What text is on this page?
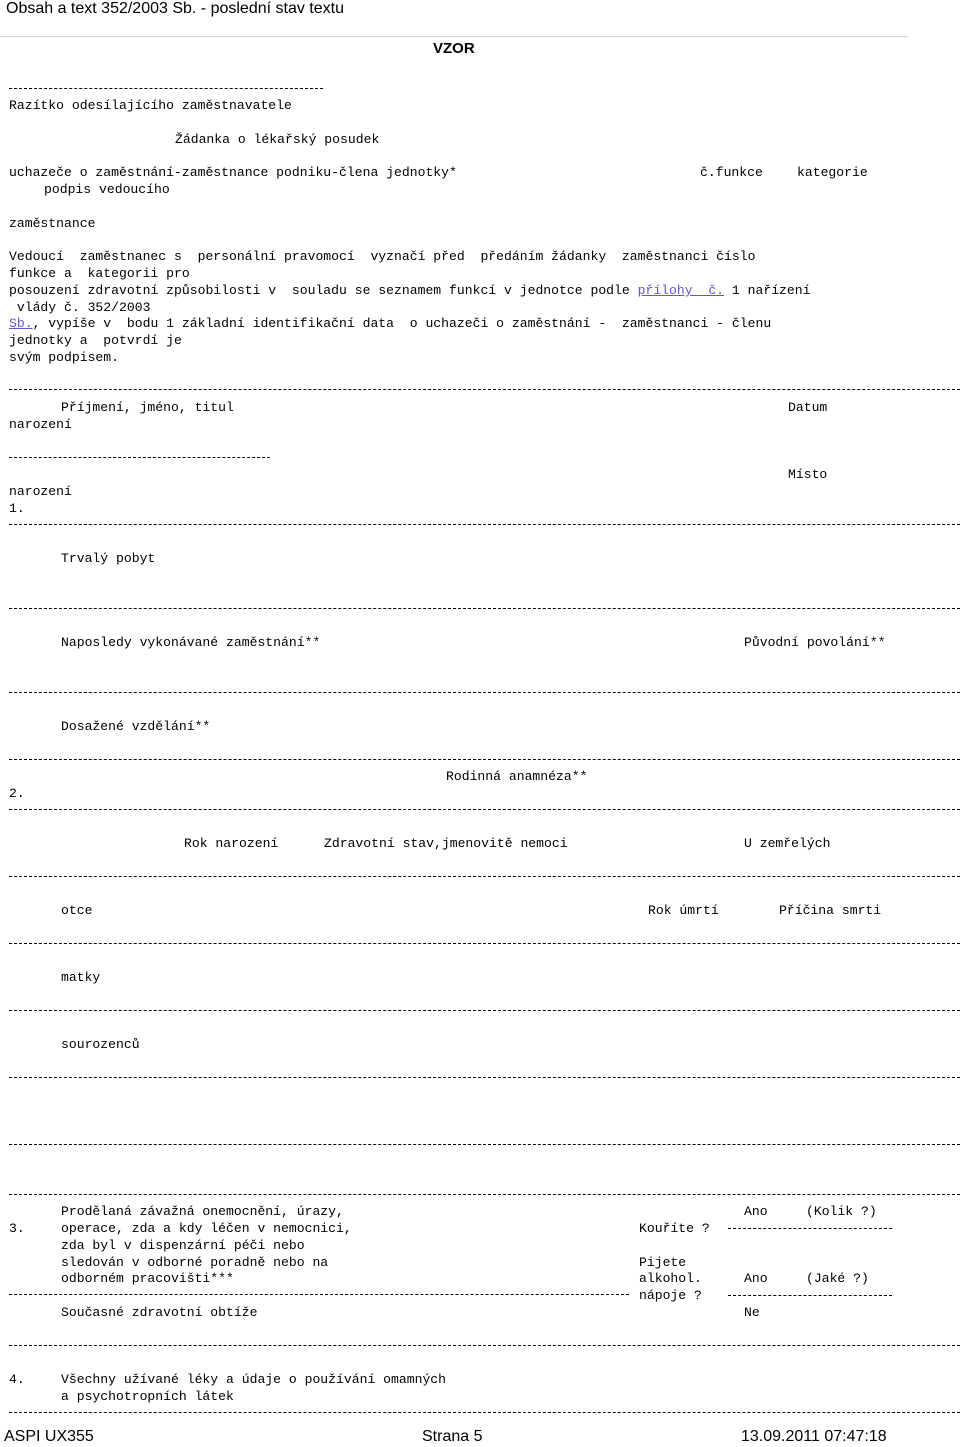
Obsah a text 352/2003 Sb. - poslední stav textu
VZOR
Razítko odesílajícího zaměstnavatele
Žádanka o lékařský posudek
uchazeče o zaměstnání-zaměstnance podniku-člena jednotky*	č.funkce	kategorie
podpis vedoucího
zaměstnance
Vedoucí  zaměstnanec s  personální pravomocí  vyznačí před  předáním žádanky  zaměstnanci číslo
funkce a  kategorii pro
posouzení zdravotní způsobilosti v  souladu se seznamem funkcí v jednotce podle přílohy  č. 1 nařízení
vlády č. 352/2003
Sb., vypíše v  bodu 1 základní identifikační data  o uchazeči o zaměstnání -  zaměstnanci - členu
jednotky a  potvrdí je
svým podpisem.
Příjmení, jméno, titul	Datum
narození
Místo
narození
1.
Trvalý pobyt
Naposledy vykonávané zaměstnání**	Původní povolání**
Dosažené vzdělání**
Rodinná anamnéza**
2.
Rok narození	Zdravotní stav,jmenovitě nemoci	U zemřelých
otce	Rok úmrtí	Příčina smrti
matky
sourozenců
Prodělaná závažná onemocnění, úrazy,	Ano	(Kolik ?)
3.	operace, zda a kdy léčen v nemocnici,	Kouříte ?
zda byl v dispenzární péči nebo
sledován v odborné poradně nebo na	Pijete
odborném pracovišti***	alkohol.	Ano	(Jaké ?)
nápoje ?
Současné zdravotní obtíže	Ne
4.	Všechny užívané léky a údaje o používání omamných
a psychotropních látek
ASPI UX355	Strana 5	13.09.2011 07:47:18
